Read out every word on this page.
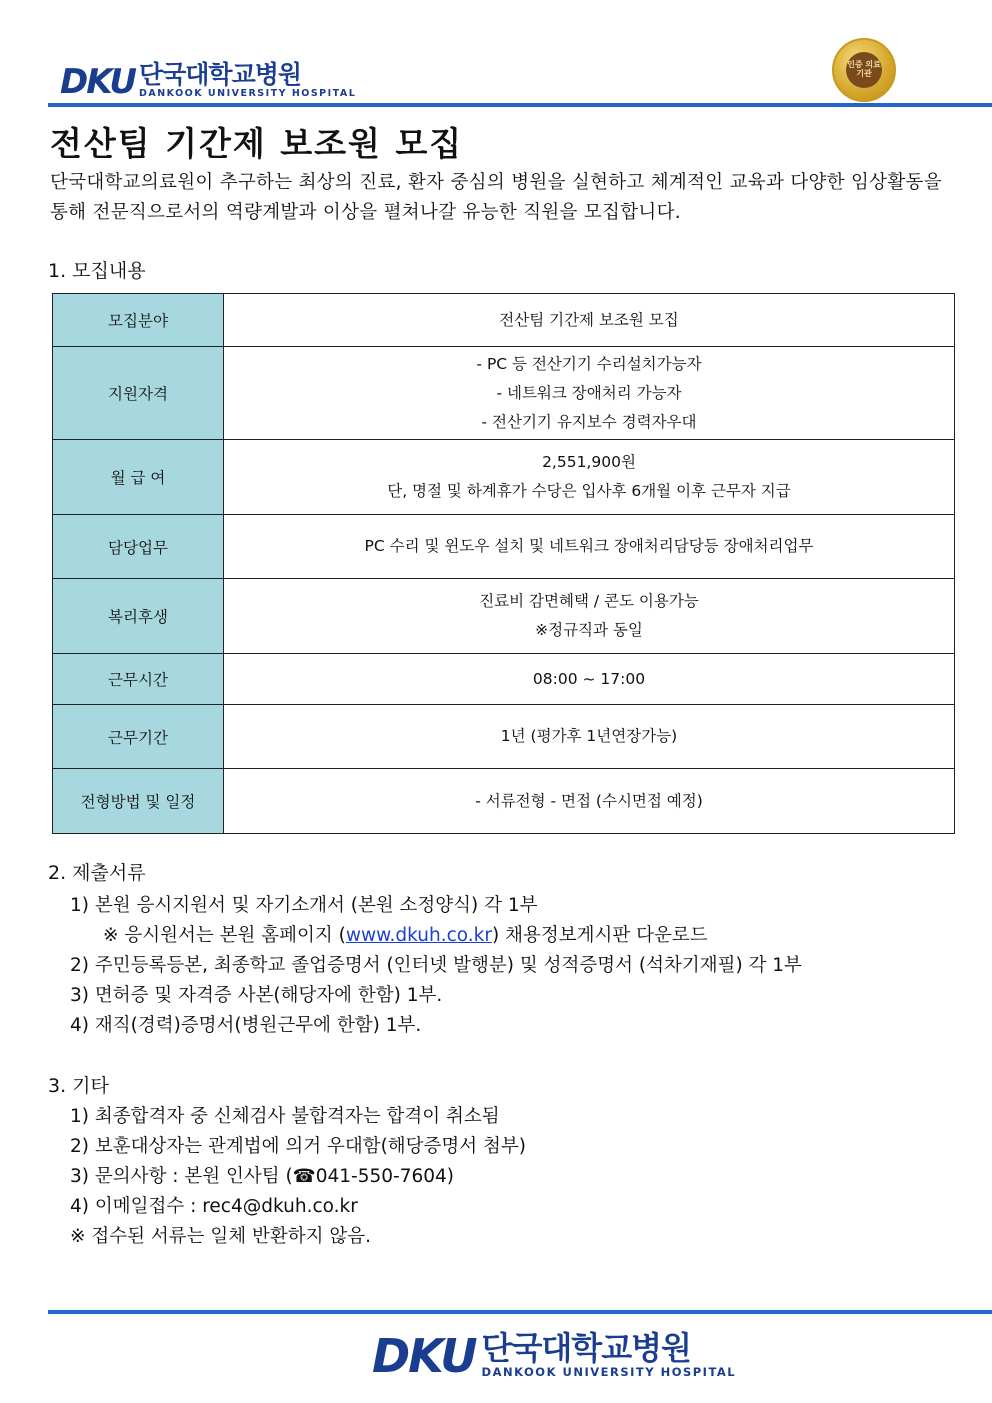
DKU 단국대학교병원
DANKOOK UNIVERSITY HOSPITAL
인증 의료기관
전산팀 기간제 보조원 모집

단국대학교의료원이 추구하는 최상의 진료, 환자 중심의 병원을 실현하고 체계적인 교육과 다양한 임상활동을 통해 전문직으로서의 역량계발과 이상을 펼쳐나갈 유능한 직원을 모집합니다.

1. 모집내용
모집분야	전산팀 기간제 보조원 모집

지원자격	- PC 등 전산기기 수리설치가능자
- 네트워크 장애처리 가능자
- 전산기기 유지보수 경력자우대

월 급 여	2,551,900원
단, 명절 및 하계휴가 수당은 입사후 6개월 이후 근무자 지급

담당업무	PC 수리 및 윈도우 설치 및 네트워크 장애처리담당등 장애처리업무

복리후생	진료비 감면혜택 / 콘도 이용가능
※정규직과 동일

근무시간	08:00 ~ 17:00

근무기간	1년 (평가후 1년연장가능)

전형방법 및 일정	- 서류전형 - 면접 (수시면접 예정)
2. 제출서류
1) 본원 응시지원서 및 자기소개서 (본원 소정양식) 각 1부
※ 응시원서는 본원 홈페이지 (www.dkuh.co.kr) 채용정보게시판 다운로드
2) 주민등록등본, 최종학교 졸업증명서 (인터넷 발행분) 및 성적증명서 (석차기재필) 각 1부
3) 면허증 및 자격증 사본(해당자에 한함) 1부.
4) 재직(경력)증명서(병원근무에 한함) 1부.
3. 기타
1) 최종합격자 중 신체검사 불합격자는 합격이 취소됨
2) 보훈대상자는 관계법에 의거 우대함(해당증명서 첨부)
3) 문의사항 : 본원 인사팀 (☎041-550-7604)
4) 이메일접수 : rec4@dkuh.co.kr
※ 접수된 서류는 일체 반환하지 않음.
DKU 단국대학교병원
DANKOOK UNIVERSITY HOSPITAL
